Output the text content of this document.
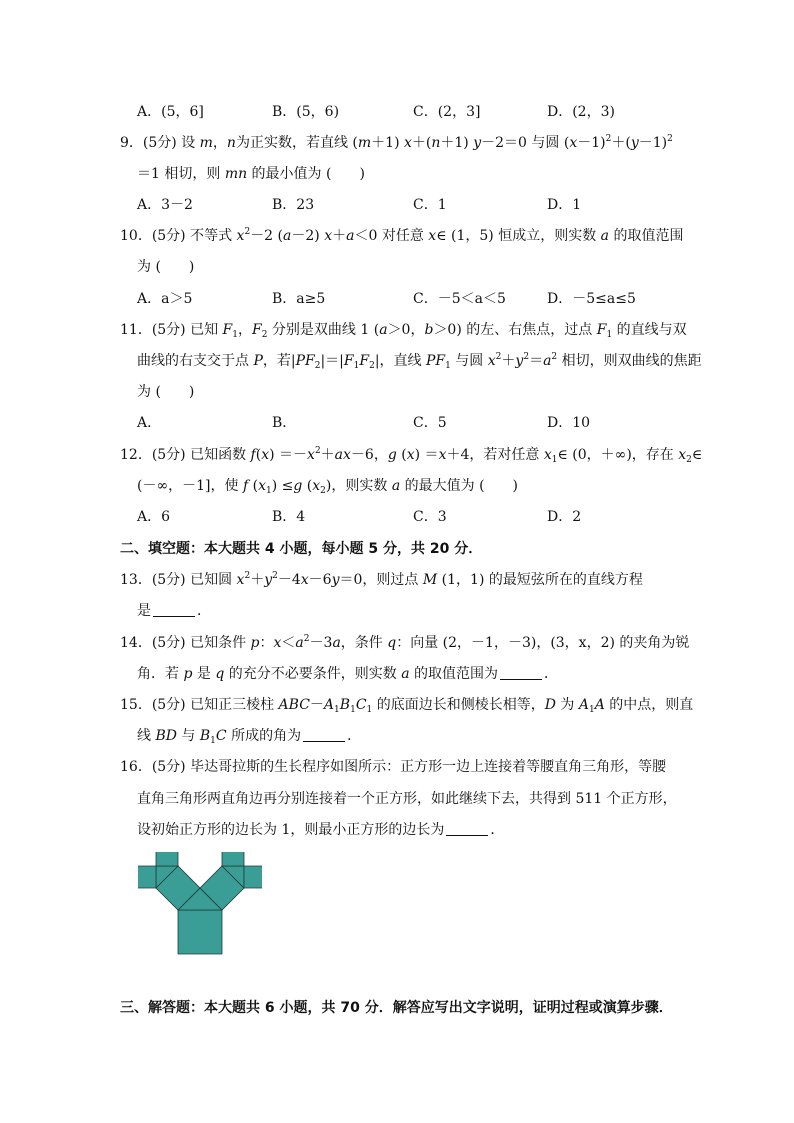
A．(5，6]	B．(5，6)	C．(2，3]	D．(2，3)
9．(5分) 设 m，n为正实数，若直线 (m＋1) x＋(n＋1) y－2＝0 与圆 $(x-1)^2+(y-1)^2$
＝1 相切，则 mn 的最小值为 (　　)
A．3－2	B．23	C．1	D．1
10．(5分) 不等式 $x^2-2$ (a－2) x＋a＜0 对任意 x∈ (1，5) 恒成立，则实数 a 的取值范围
为 (　　)
A．a＞5	B．a≥5	C．－5＜a＜5	D．－5≤a≤5
11．(5分) 已知 $F_1$，$F_2$ 分别是双曲线 1 (a＞0，b＞0) 的左、右焦点，过点 $F_1$ 的直线与双
曲线的右支交于点 P，若$|PF_2|=|F_1F_2|$，直线 $PF_1$ 与圆 $x^2+y^2=a^2$ 相切，则双曲线的焦距
为 (　　)
A．	B．	C．5	D．10
12．(5分) 已知函数 $f(x) =-x^2+ax-6$，g (x) ＝x＋4，若对任意 $x_1\in$ (0，＋∞)，存在 $x_2\in$
(－∞，－1]，使 f $(x_1) \le g$ $(x_2)$，则实数 a 的最大值为 (　　)
A．6	B．4	C．3	D．2
二、填空题：本大题共 4 小题，每小题 5 分，共 20 分．
13．(5分) 已知圆 $x^2+y^2-4x-6y=0$，则过点 M (1，1) 的最短弦所在的直线方程
是	．
14．(5分) 已知条件 p：$x<a^2-3a$，条件 q：向量 (2，－1，－3)，(3，x，2) 的夹角为锐
角．若 p 是 q 的充分不必要条件，则实数 a 的取值范围为	．
15．(5分) 已知正三棱柱 $ABC-A_1B_1C_1$ 的底面边长和侧棱长相等，D 为 $A_1A$ 的中点，则直
线 BD 与 $B_1C$ 所成的角为	．
16．(5分) 毕达哥拉斯的生长程序如图所示：正方形一边上连接着等腰直角三角形，等腰
直角三角形两直角边再分别连接着一个正方形，如此继续下去，共得到 511 个正方形，
设初始正方形的边长为 1，则最小正方形的边长为	．
三、解答题：本大题共 6 小题，共 70 分．解答应写出文字说明，证明过程或演算步骤．
